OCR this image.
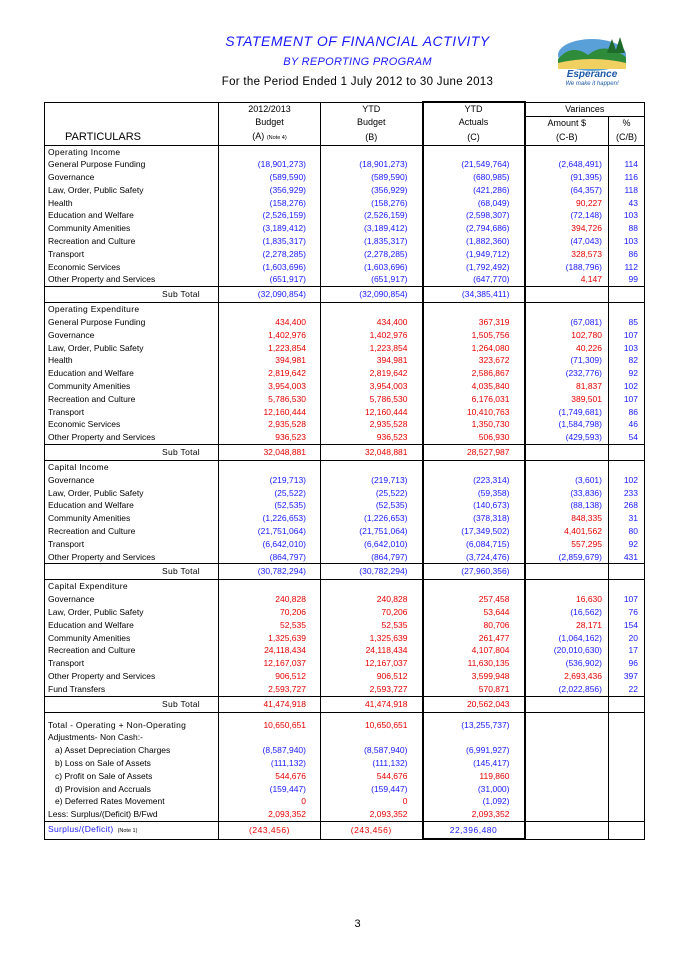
STATEMENT OF FINANCIAL ACTIVITY
BY REPORTING PROGRAM
For the Period Ended 1 July 2012 to 30 June 2013
Esperance
We make it happen!
	2012/2013	YTD	YTD	Variances	
	Budget	Budget	Actuals	Amount $	%
PARTICULARS	(A) (Note 4)	(B)	(C)	(C-B)	(C/B)
Operating Income					
General Purpose Funding	(18,901,273)	(18,901,273)	(21,549,764)	(2,648,491)	114
Governance	(589,590)	(589,590)	(680,985)	(91,395)	116
Law, Order, Public Safety	(356,929)	(356,929)	(421,286)	(64,357)	118
Health	(158,276)	(158,276)	(68,049)	90,227	43
Education and Welfare	(2,526,159)	(2,526,159)	(2,598,307)	(72,148)	103
Community Amenities	(3,189,412)	(3,189,412)	(2,794,686)	394,726	88
Recreation and Culture	(1,835,317)	(1,835,317)	(1,882,360)	(47,043)	103
Transport	(2,278,285)	(2,278,285)	(1,949,712)	328,573	86
Economic Services	(1,603,696)	(1,603,696)	(1,792,492)	(188,796)	112
Other Property and Services	(651,917)	(651,917)	(647,770)	4,147	99
Sub Total	(32,090,854)	(32,090,854)	(34,385,411)		
Operating Expenditure					
General Purpose Funding	434,400	434,400	367,319	(67,081)	85
Governance	1,402,976	1,402,976	1,505,756	102,780	107
Law, Order, Public Safety	1,223,854	1,223,854	1,264,080	40,226	103
Health	394,981	394,981	323,672	(71,309)	82
Education and Welfare	2,819,642	2,819,642	2,586,867	(232,776)	92
Community Amenities	3,954,003	3,954,003	4,035,840	81,837	102
Recreation and Culture	5,786,530	5,786,530	6,176,031	389,501	107
Transport	12,160,444	12,160,444	10,410,763	(1,749,681)	86
Economic Services	2,935,528	2,935,528	1,350,730	(1,584,798)	46
Other Property and Services	936,523	936,523	506,930	(429,593)	54
Sub Total	32,048,881	32,048,881	28,527,987		
Capital Income					
Governance	(219,713)	(219,713)	(223,314)	(3,601)	102
Law, Order, Public Safety	(25,522)	(25,522)	(59,358)	(33,836)	233
Education and Welfare	(52,535)	(52,535)	(140,673)	(88,138)	268
Community Amenities	(1,226,653)	(1,226,653)	(378,318)	848,335	31
Recreation and Culture	(21,751,064)	(21,751,064)	(17,349,502)	4,401,562	80
Transport	(6,642,010)	(6,642,010)	(6,084,715)	557,295	92
Other Property and Services	(864,797)	(864,797)	(3,724,476)	(2,859,679)	431
Sub Total	(30,782,294)	(30,782,294)	(27,960,356)		
Capital Expenditure					
Governance	240,828	240,828	257,458	16,630	107
Law, Order, Public Safety	70,206	70,206	53,644	(16,562)	76
Education and Welfare	52,535	52,535	80,706	28,171	154
Community Amenities	1,325,639	1,325,639	261,477	(1,064,162)	20
Recreation and Culture	24,118,434	24,118,434	4,107,804	(20,010,630)	17
Transport	12,167,037	12,167,037	11,630,135	(536,902)	96
Other Property and Services	906,512	906,512	3,599,948	2,693,436	397
Fund Transfers	2,593,727	2,593,727	570,871	(2,022,856)	22
Sub Total	41,474,918	41,474,918	20,562,043		

Total - Operating + Non-Operating	10,650,651	10,650,651	(13,255,737)		
Adjustments- Non Cash:-					
a) Asset Depreciation Charges	(8,587,940)	(8,587,940)	(6,991,927)		
b) Loss on Sale of Assets	(111,132)	(111,132)	(145,417)		
c) Profit on Sale of Assets	544,676	544,676	119,860		
d) Provision and Accruals	(159,447)	(159,447)	(31,000)		
e) Deferred Rates Movement	0	0	(1,092)		
Less: Surplus/(Deficit) B/Fwd	2,093,352	2,093,352	2,093,352		
Surplus/(Deficit) (Note 1)	(243,456)	(243,456)	22,396,480		
3
